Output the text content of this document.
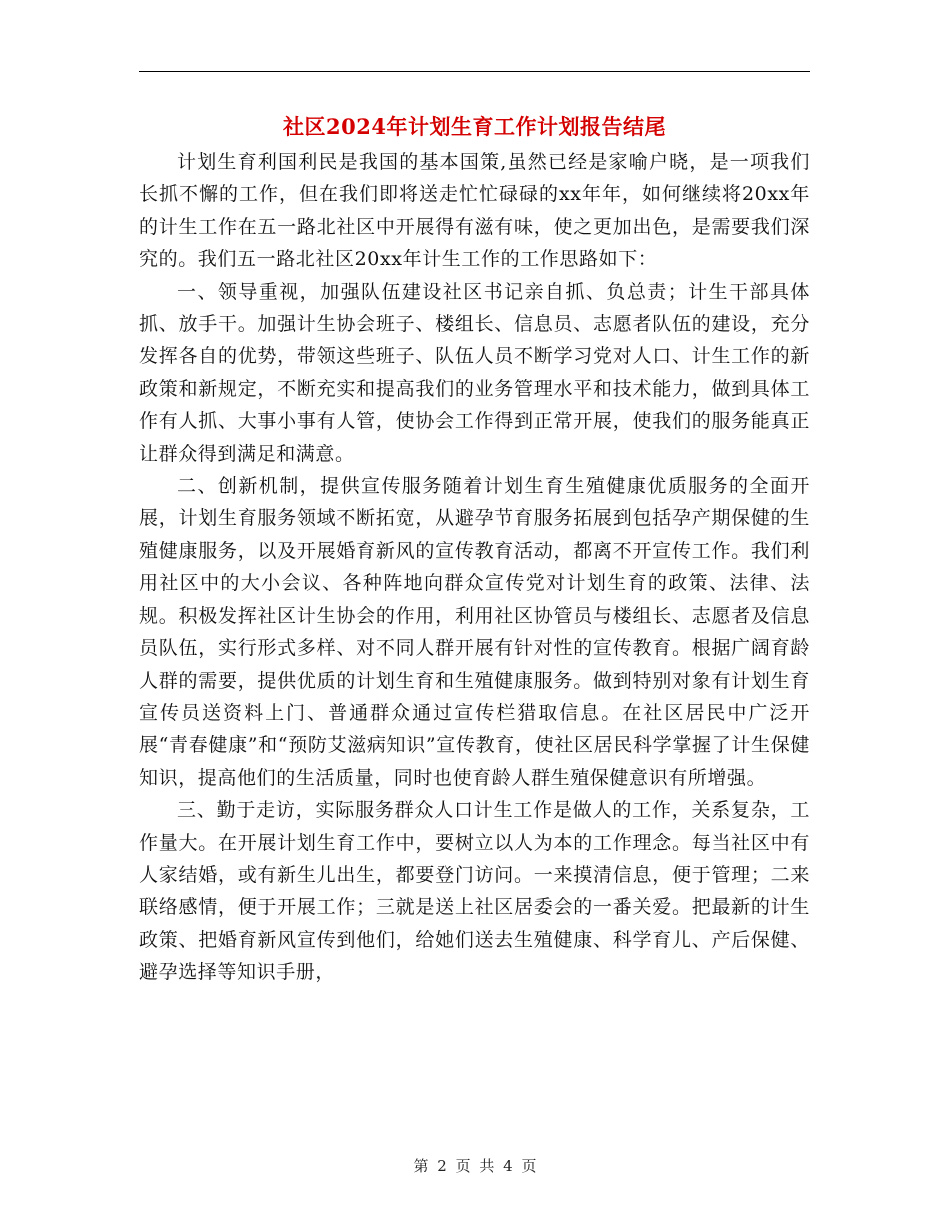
社区2024年计划生育工作计划报告结尾

计划生育利国利民是我国的基本国策,虽然已经是家喻户晓，是一项我们长抓不懈的工作，但在我们即将送走忙忙碌碌的xx年年，如何继续将20xx年的计生工作在五一路北社区中开展得有滋有味，使之更加出色，是需要我们深究的。我们五一路北社区20xx年计生工作的工作思路如下：

一、领导重视，加强队伍建设社区书记亲自抓、负总责；计生干部具体抓、放手干。加强计生协会班子、楼组长、信息员、志愿者队伍的建设，充分发挥各自的优势，带领这些班子、队伍人员不断学习党对人口、计生工作的新政策和新规定，不断充实和提高我们的业务管理水平和技术能力，做到具体工作有人抓、大事小事有人管，使协会工作得到正常开展，使我们的服务能真正让群众得到满足和满意。

二、创新机制，提供宣传服务随着计划生育生殖健康优质服务的全面开展，计划生育服务领域不断拓宽，从避孕节育服务拓展到包括孕产期保健的生殖健康服务，以及开展婚育新风的宣传教育活动，都离不开宣传工作。我们利用社区中的大小会议、各种阵地向群众宣传党对计划生育的政策、法律、法规。积极发挥社区计生协会的作用，利用社区协管员与楼组长、志愿者及信息员队伍，实行形式多样、对不同人群开展有针对性的宣传教育。根据广阔育龄人群的需要，提供优质的计划生育和生殖健康服务。做到特别对象有计划生育宣传员送资料上门、普通群众通过宣传栏猎取信息。在社区居民中广泛开展“青春健康”和“预防艾滋病知识”宣传教育，使社区居民科学掌握了计生保健知识，提高他们的生活质量，同时也使育龄人群生殖保健意识有所增强。

三、勤于走访，实际服务群众人口计生工作是做人的工作，关系复杂，工作量大。在开展计划生育工作中，要树立以人为本的工作理念。每当社区中有人家结婚，或有新生儿出生，都要登门访问。一来摸清信息，便于管理；二来联络感情，便于开展工作；三就是送上社区居委会的一番关爱。把最新的计生政策、把婚育新风宣传到他们，给她们送去生殖健康、科学育儿、产后保健、避孕选择等知识手册，

第 2 页 共 4 页
